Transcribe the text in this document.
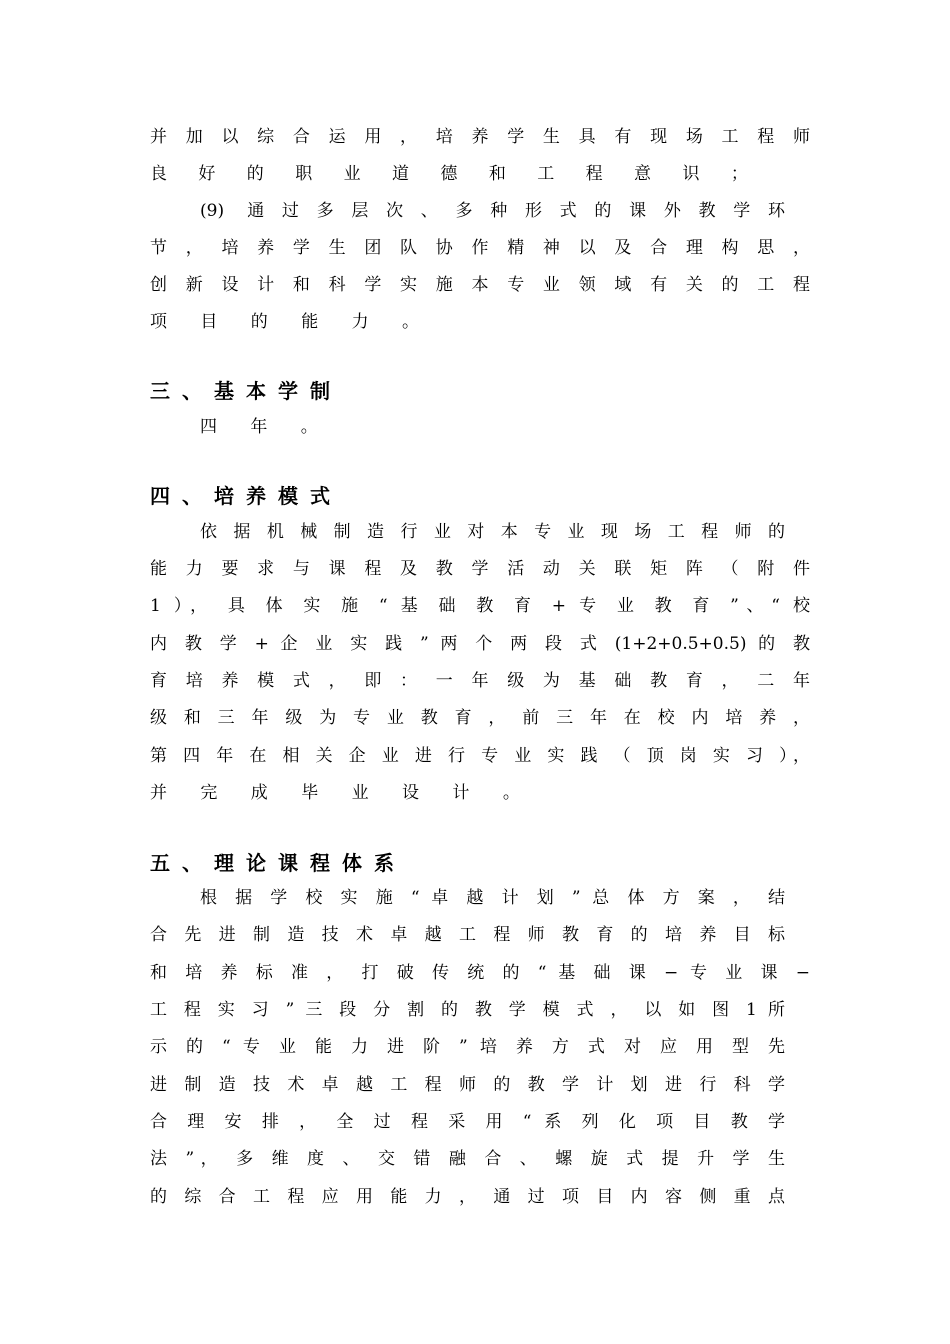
并 加 以 综 合 运 用 ， 培 养 学 生 具 有 现 场 工 程 师
良 好 的 职 业 道 德 和 工 程 意 识 ；
(9)  通 过 多 层 次 、 多 种 形 式 的 课 外 教 学 环
节 ， 培 养 学 生 团 队 协 作 精 神 以 及 合 理 构 思 ，
创 新 设 计 和 科 学 实 施 本 专 业 领 域 有 关 的 工 程
项 目 的 能 力 。
三、基本学制
四 年 。
四、培养模式
依 据 机 械 制 造 行 业 对 本 专 业 现 场 工 程 师 的
能 力 要 求 与 课 程 及 教 学 活 动 关 联 矩 阵 （ 附 件
1 ）， 具 体 实 施 “ 基 础 教 育 + 专 业 教 育 ”、“ 校
内 教 学 + 企 业 实 践 ” 两 个 两 段 式 (1+2+0.5+0.5) 的 教
育 培 养 模 式 ， 即 ： 一 年 级 为 基 础 教 育 ， 二 年
级 和 三 年 级 为 专 业 教 育 ， 前 三 年 在 校 内 培 养 ，
第 四 年 在 相 关 企 业 进 行 专 业 实 践 （ 顶 岗 实 习 ），
并 完 成 毕 业 设 计 。
五、理论课程体系
根 据 学 校 实 施 “ 卓 越 计 划 ” 总 体 方 案 ， 结
合 先 进 制 造 技 术 卓 越 工 程 师 教 育 的 培 养 目 标
和 培 养 标 准 ， 打 破 传 统 的 “ 基 础 课 − 专 业 课 −
工 程 实 习 ” 三 段 分 割 的 教 学 模 式 ， 以 如 图 1 所
示 的 “ 专 业 能 力 进 阶 ” 培 养 方 式 对 应 用 型 先
进 制 造 技 术 卓 越 工 程 师 的 教 学 计 划 进 行 科 学
合 理 安 排 ， 全 过 程 采 用 “ 系 列 化 项 目 教 学
法 ”， 多 维 度 、 交 错 融 合 、 螺 旋 式 提 升 学 生
的 综 合 工 程 应 用 能 力 ， 通 过 项 目 内 容 侧 重 点
